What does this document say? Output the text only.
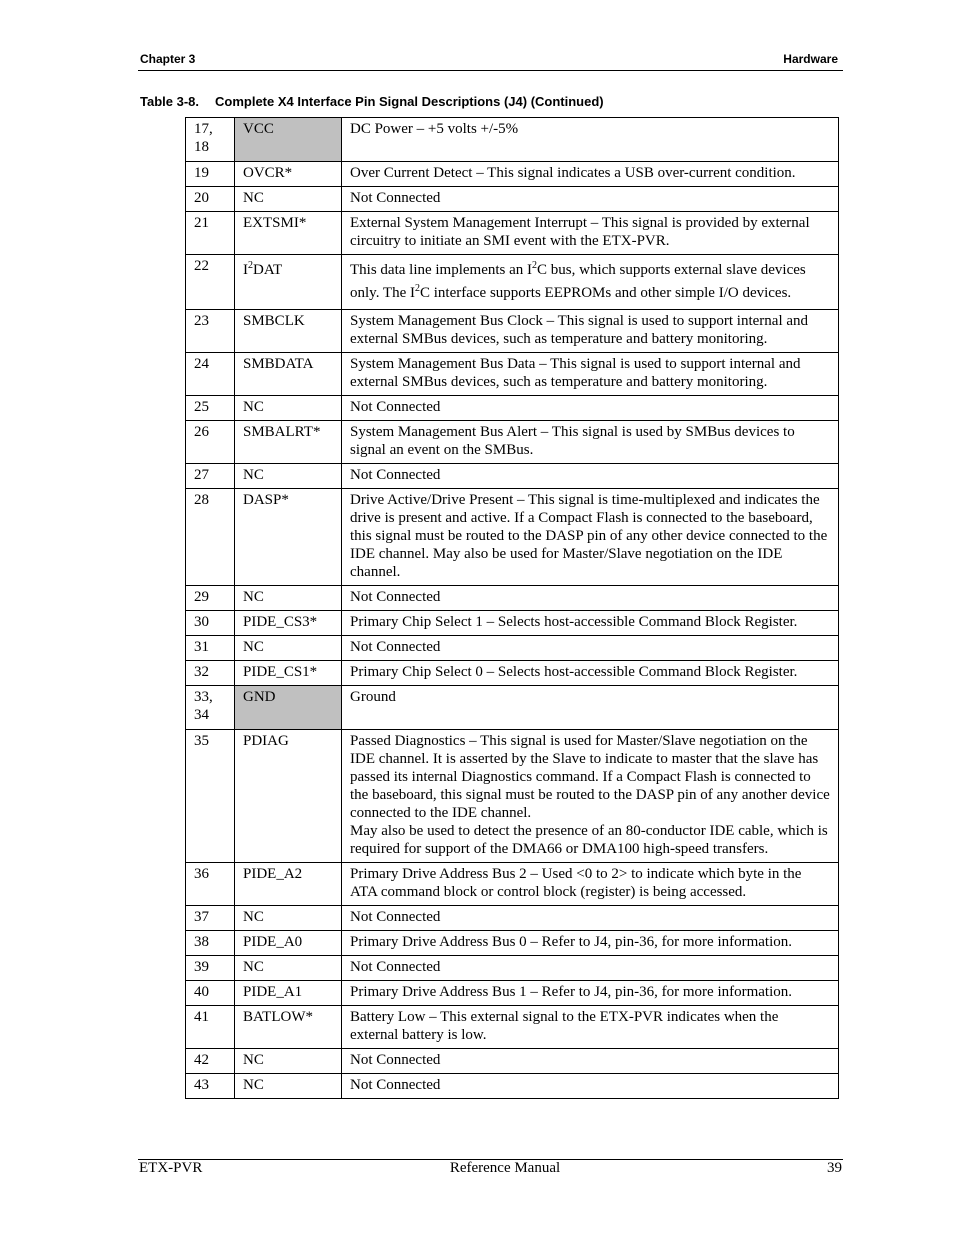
Chapter 3	Hardware
Table 3-8. Complete X4 Interface Pin Signal Descriptions (J4) (Continued)
17, 18	VCC	DC Power – +5 volts +/-5%

19	OVCR*	Over Current Detect – This signal indicates a USB over-current condition.

20	NC	Not Connected

21	EXTSMI*	External System Management Interrupt – This signal is provided by external circuitry to initiate an SMI event with the ETX-PVR.

22	$I^2DAT$	This data line implements an $I^2C$ bus, which supports external slave devices only. The $I^2C$ interface supports EEPROMs and other simple I/O devices.

23	SMBCLK	System Management Bus Clock – This signal is used to support internal and external SMBus devices, such as temperature and battery monitoring.

24	SMBDATA	System Management Bus Data – This signal is used to support internal and external SMBus devices, such as temperature and battery monitoring.

25	NC	Not Connected

26	SMBALRT*	System Management Bus Alert – This signal is used by SMBus devices to signal an event on the SMBus.

27	NC	Not Connected

28	DASP*	Drive Active/Drive Present – This signal is time-multiplexed and indicates the drive is present and active. If a Compact Flash is connected to the baseboard, this signal must be routed to the DASP pin of any other device connected to the IDE channel. May also be used for Master/Slave negotiation on the IDE channel.

29	NC	Not Connected

30	PIDE_CS3*	Primary Chip Select 1 – Selects host-accessible Command Block Register.

31	NC	Not Connected

32	PIDE_CS1*	Primary Chip Select 0 – Selects host-accessible Command Block Register.

33, 34	GND	Ground

35	PDIAG	Passed Diagnostics – This signal is used for Master/Slave negotiation on the IDE channel. It is asserted by the Slave to indicate to master that the slave has passed its internal Diagnostics command. If a Compact Flash is connected to the baseboard, this signal must be routed to the DASP pin of any another device connected to the IDE channel.
May also be used to detect the presence of an 80-conductor IDE cable, which is required for support of the DMA66 or DMA100 high-speed transfers.

36	PIDE_A2	Primary Drive Address Bus 2 – Used <0 to 2> to indicate which byte in the ATA command block or control block (register) is being accessed.

37	NC	Not Connected

38	PIDE_A0	Primary Drive Address Bus 0 – Refer to J4, pin-36, for more information.

39	NC	Not Connected

40	PIDE_A1	Primary Drive Address Bus 1 – Refer to J4, pin-36, for more information.

41	BATLOW*	Battery Low – This external signal to the ETX-PVR indicates when the external battery is low.

42	NC	Not Connected

43	NC	Not Connected
ETX-PVR	Reference Manual	39
